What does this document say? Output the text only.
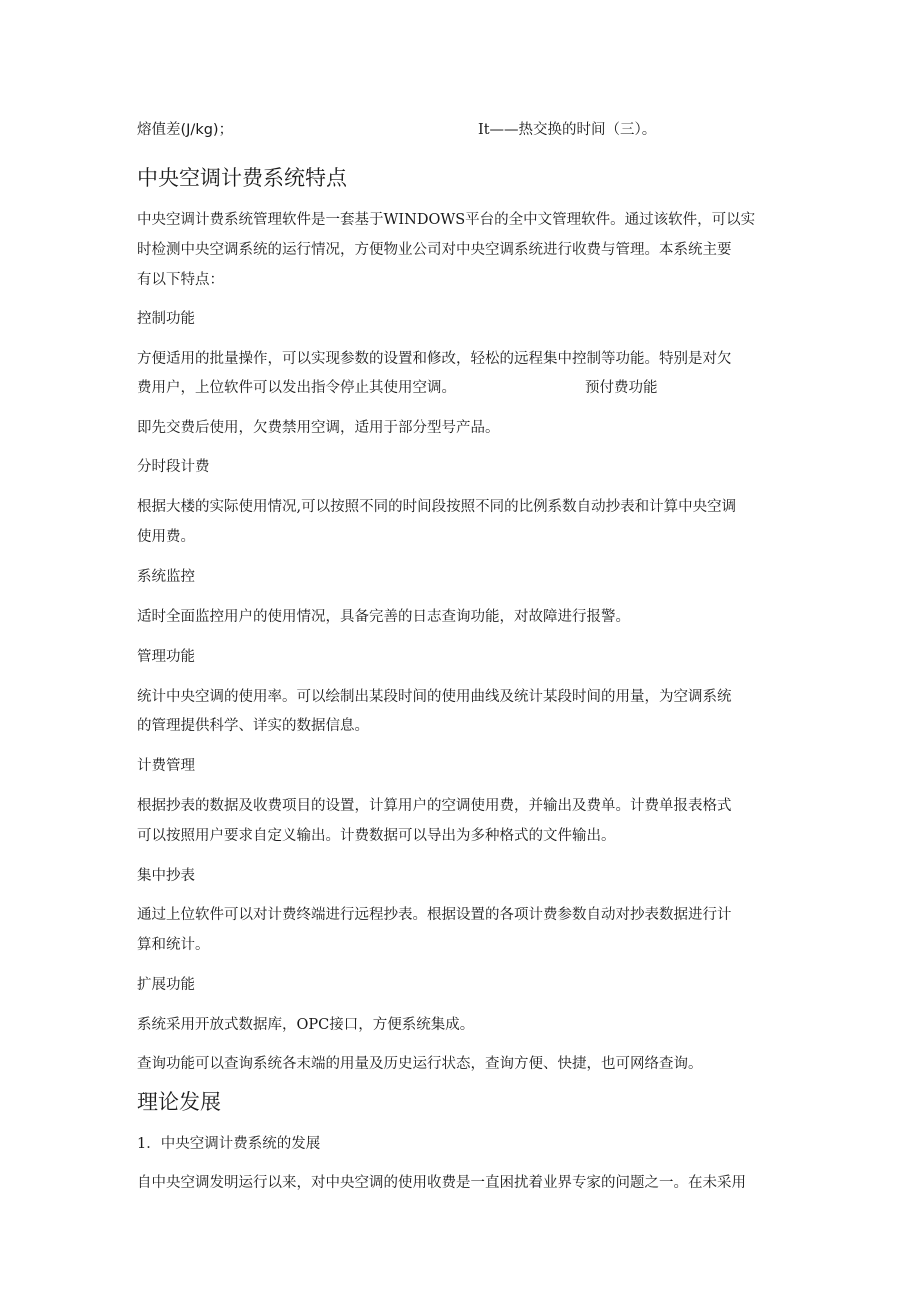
熔值差(J/kg)；	It——热交换的时间（三）。
中央空调计费系统特点
中央空调计费系统管理软件是一套基于WINDOWS平台的全中文管理软件。通过该软件，可以实
时检测中央空调系统的运行情况，方便物业公司对中央空调系统进行收费与管理。本系统主要
有以下特点：
控制功能
方便适用的批量操作，可以实现参数的设置和修改，轻松的远程集中控制等功能。特别是对欠
费用户，上位软件可以发出指令停止其使用空调。	预付费功能
即先交费后使用，欠费禁用空调，适用于部分型号产品。
分时段计费
根据大楼的实际使用情况,可以按照不同的时间段按照不同的比例系数自动抄表和计算中央空调
使用费。
系统监控
适时全面监控用户的使用情况，具备完善的日志查询功能，对故障进行报警。
管理功能
统计中央空调的使用率。可以绘制出某段时间的使用曲线及统计某段时间的用量，为空调系统
的管理提供科学、详实的数据信息。
计费管理
根据抄表的数据及收费项目的设置，计算用户的空调使用费，并输出及费单。计费单报表格式
可以按照用户要求自定义输出。计费数据可以导出为多种格式的文件输出。
集中抄表
通过上位软件可以对计费终端进行远程抄表。根据设置的各项计费参数自动对抄表数据进行计
算和统计。
扩展功能
系统采用开放式数据库，OPC接口，方便系统集成。
查询功能可以查询系统各末端的用量及历史运行状态，查询方便、快捷，也可网络查询。
理论发展
1．中央空调计费系统的发展
自中央空调发明运行以来，对中央空调的使用收费是一直困扰着业界专家的问题之一。在未采用
